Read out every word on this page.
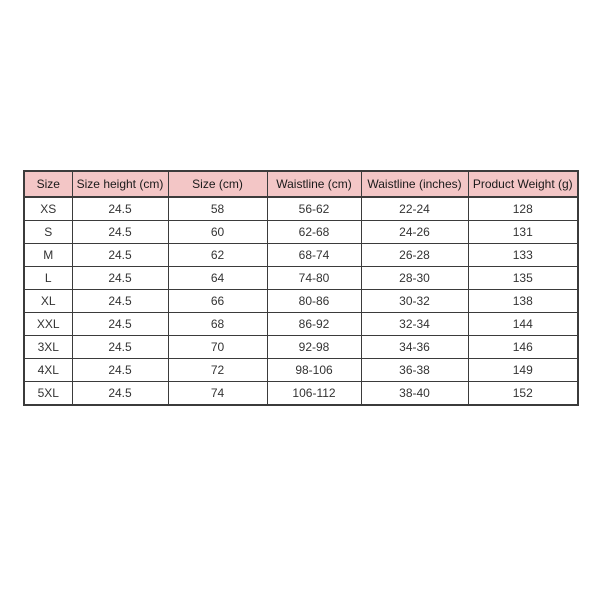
Size	Size height (cm)	Size (cm)	Waistline (cm)	Waistline (inches)	Product Weight (g)
XS	24.5	58	56-62	22-24	128
S	24.5	60	62-68	24-26	131
M	24.5	62	68-74	26-28	133
L	24.5	64	74-80	28-30	135
XL	24.5	66	80-86	30-32	138
XXL	24.5	68	86-92	32-34	144
3XL	24.5	70	92-98	34-36	146
4XL	24.5	72	98-106	36-38	149
5XL	24.5	74	106-112	38-40	152
